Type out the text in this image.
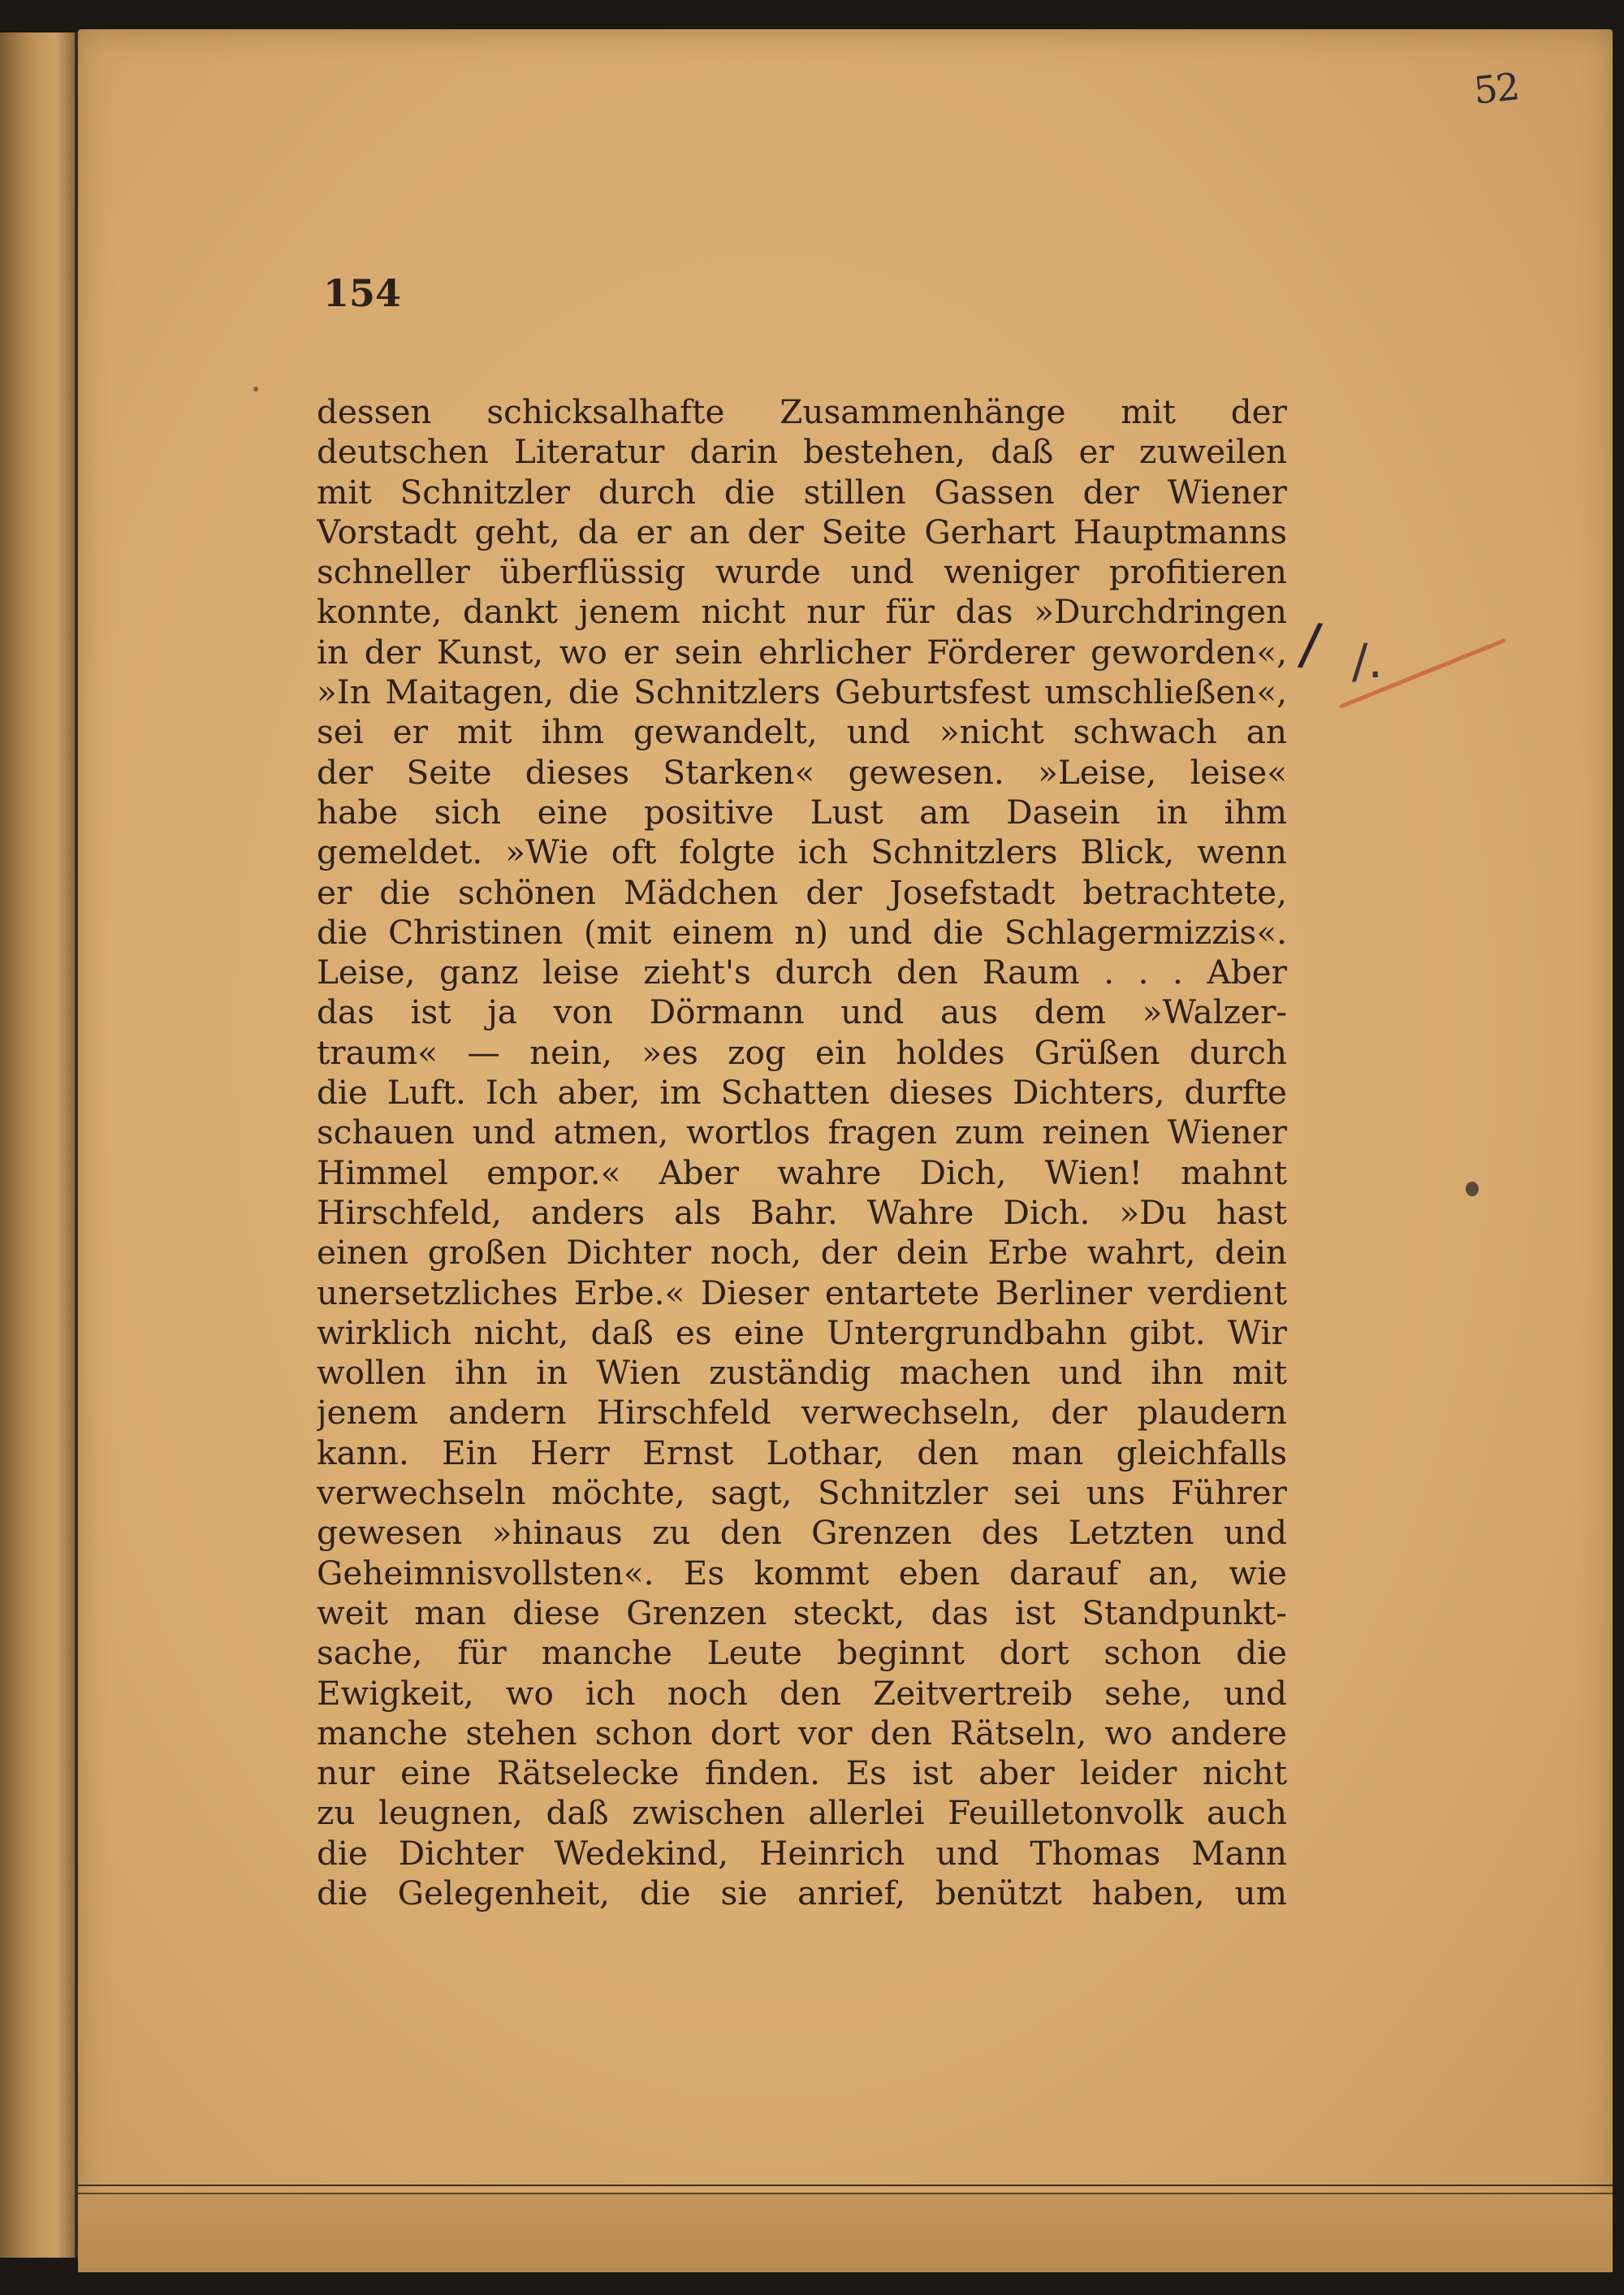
52
154
dessen schicksalhafte Zusammenhänge mit der
deutschen Literatur darin bestehen, daß er zuweilen
mit Schnitzler durch die stillen Gassen der Wiener
Vorstadt geht, da er an der Seite Gerhart Hauptmanns
schneller überflüssig wurde und weniger profitieren
konnte, dankt jenem nicht nur für das »Durchdringen
in der Kunst, wo er sein ehrlicher Förderer geworden«,
»In Maitagen, die Schnitzlers Geburtsfest umschließen«,
sei er mit ihm gewandelt, und »nicht schwach an
der Seite dieses Starken« gewesen. »Leise, leise«
habe sich eine positive Lust am Dasein in ihm
gemeldet. »Wie oft folgte ich Schnitzlers Blick, wenn
er die schönen Mädchen der Josefstadt betrachtete,
die Christinen (mit einem n) und die Schlagermizzis«.
Leise, ganz leise zieht's durch den Raum . . . Aber
das ist ja von Dörmann und aus dem »Walzer-
traum« — nein, »es zog ein holdes Grüßen durch
die Luft. Ich aber, im Schatten dieses Dichters, durfte
schauen und atmen, wortlos fragen zum reinen Wiener
Himmel empor.« Aber wahre Dich, Wien! mahnt
Hirschfeld, anders als Bahr. Wahre Dich. »Du hast
einen großen Dichter noch, der dein Erbe wahrt, dein
unersetzliches Erbe.« Dieser entartete Berliner verdient
wirklich nicht, daß es eine Untergrundbahn gibt. Wir
wollen ihn in Wien zuständig machen und ihn mit
jenem andern Hirschfeld verwechseln, der plaudern
kann. Ein Herr Ernst Lothar, den man gleichfalls
verwechseln möchte, sagt, Schnitzler sei uns Führer
gewesen »hinaus zu den Grenzen des Letzten und
Geheimnisvollsten«. Es kommt eben darauf an, wie
weit man diese Grenzen steckt, das ist Standpunkt-
sache, für manche Leute beginnt dort schon die
Ewigkeit, wo ich noch den Zeitvertreib sehe, und
manche stehen schon dort vor den Rätseln, wo andere
nur eine Rätselecke finden. Es ist aber leider nicht
zu leugnen, daß zwischen allerlei Feuilletonvolk auch
die Dichter Wedekind, Heinrich und Thomas Mann
die Gelegenheit, die sie anrief, benützt haben, um
/ /.
